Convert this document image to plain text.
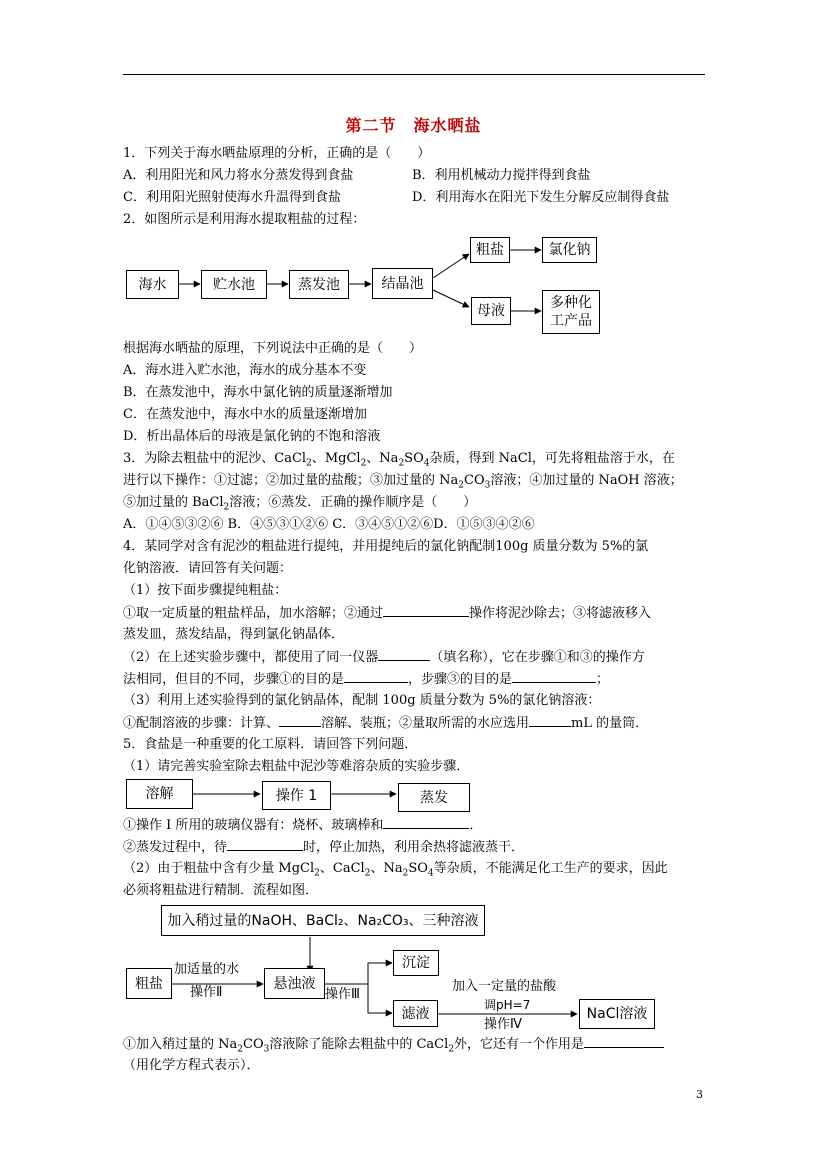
第二节　海水晒盐
1．下列关于海水晒盐原理的分析，正确的是（　　）
A．利用阳光和风力将水分蒸发得到食盐	B．利用机械动力搅拌得到食盐
C．利用阳光照射使海水升温得到食盐	D．利用海水在阳光下发生分解反应制得食盐
2．如图所示是利用海水提取粗盐的过程：
海水	贮水池	蒸发池	结晶池
粗盐	氯化钠
母液	多种化
工产品
根据海水晒盐的原理，下列说法中正确的是（　　）
A．海水进入贮水池，海水的成分基本不变
B．在蒸发池中，海水中氯化钠的质量逐渐增加
C．在蒸发池中，海水中水的质量逐渐增加
D．析出晶体后的母液是氯化钠的不饱和溶液
3．为除去粗盐中的泥沙、CaCl$_2$、MgCl$_2$、$Na_2SO_4$杂质，得到 NaCl，可先将粗盐溶于水，在
进行以下操作：①过滤；②加过量的盐酸；③加过量的 $Na_2CO_3$溶液；④加过量的 NaOH 溶液；
⑤加过量的 BaCl$_2$溶液；⑥蒸发．正确的操作顺序是（　　）
A．①④⑤③②⑥ B．④⑤③①②⑥ C．③④⑤①②⑥D．①⑤③④②⑥
4．某同学对含有泥沙的粗盐进行提纯，并用提纯后的氯化钠配制100g 质量分数为 5%的氯
化钠溶液．请回答有关问题：
（1）按下面步骤提纯粗盐：
①取一定质量的粗盐样品，加水溶解；②通过	操作将泥沙除去；③将滤液移入
蒸发皿，蒸发结晶，得到氯化钠晶体．
（2）在上述实验步骤中，都使用了同一仪器	（填名称），它在步骤①和③的操作方
法相同，但目的不同，步骤①的目的是	，步骤③的目的是	；
（3）利用上述实验得到的氯化钠晶体，配制 100g 质量分数为 5%的氯化钠溶液：
①配制溶液的步骤：计算、	溶解、装瓶；②量取所需的水应选用	mL 的量筒．
5．食盐是一种重要的化工原料．请回答下列问题．
（1）请完善实验室除去粗盐中泥沙等难溶杂质的实验步骤．
溶解	操作 1	蒸发
①操作 I 所用的玻璃仪器有：烧杯、玻璃棒和	．
②蒸发过程中，待	时，停止加热，利用余热将滤液蒸干．
（2）由于粗盐中含有少量 MgCl$_2$、CaCl$_2$、$Na_2SO_4$等杂质，不能满足化工生产的要求，因此
必须将粗盐进行精制．流程如图．
加入稍过量的NaOH、BaCl₂、Na₂CO₃、三种溶液
粗盐	悬浊液
沉淀
滤液	NaCl溶液
加适量的水
操作Ⅱ	操作Ⅲ
加入一定量的盐酸
调pH=7
操作Ⅳ
①加入稍过量的 $Na_2CO_3$溶液除了能除去粗盐中的 CaCl$_2$外，它还有一个作用是
（用化学方程式表示）．
3
